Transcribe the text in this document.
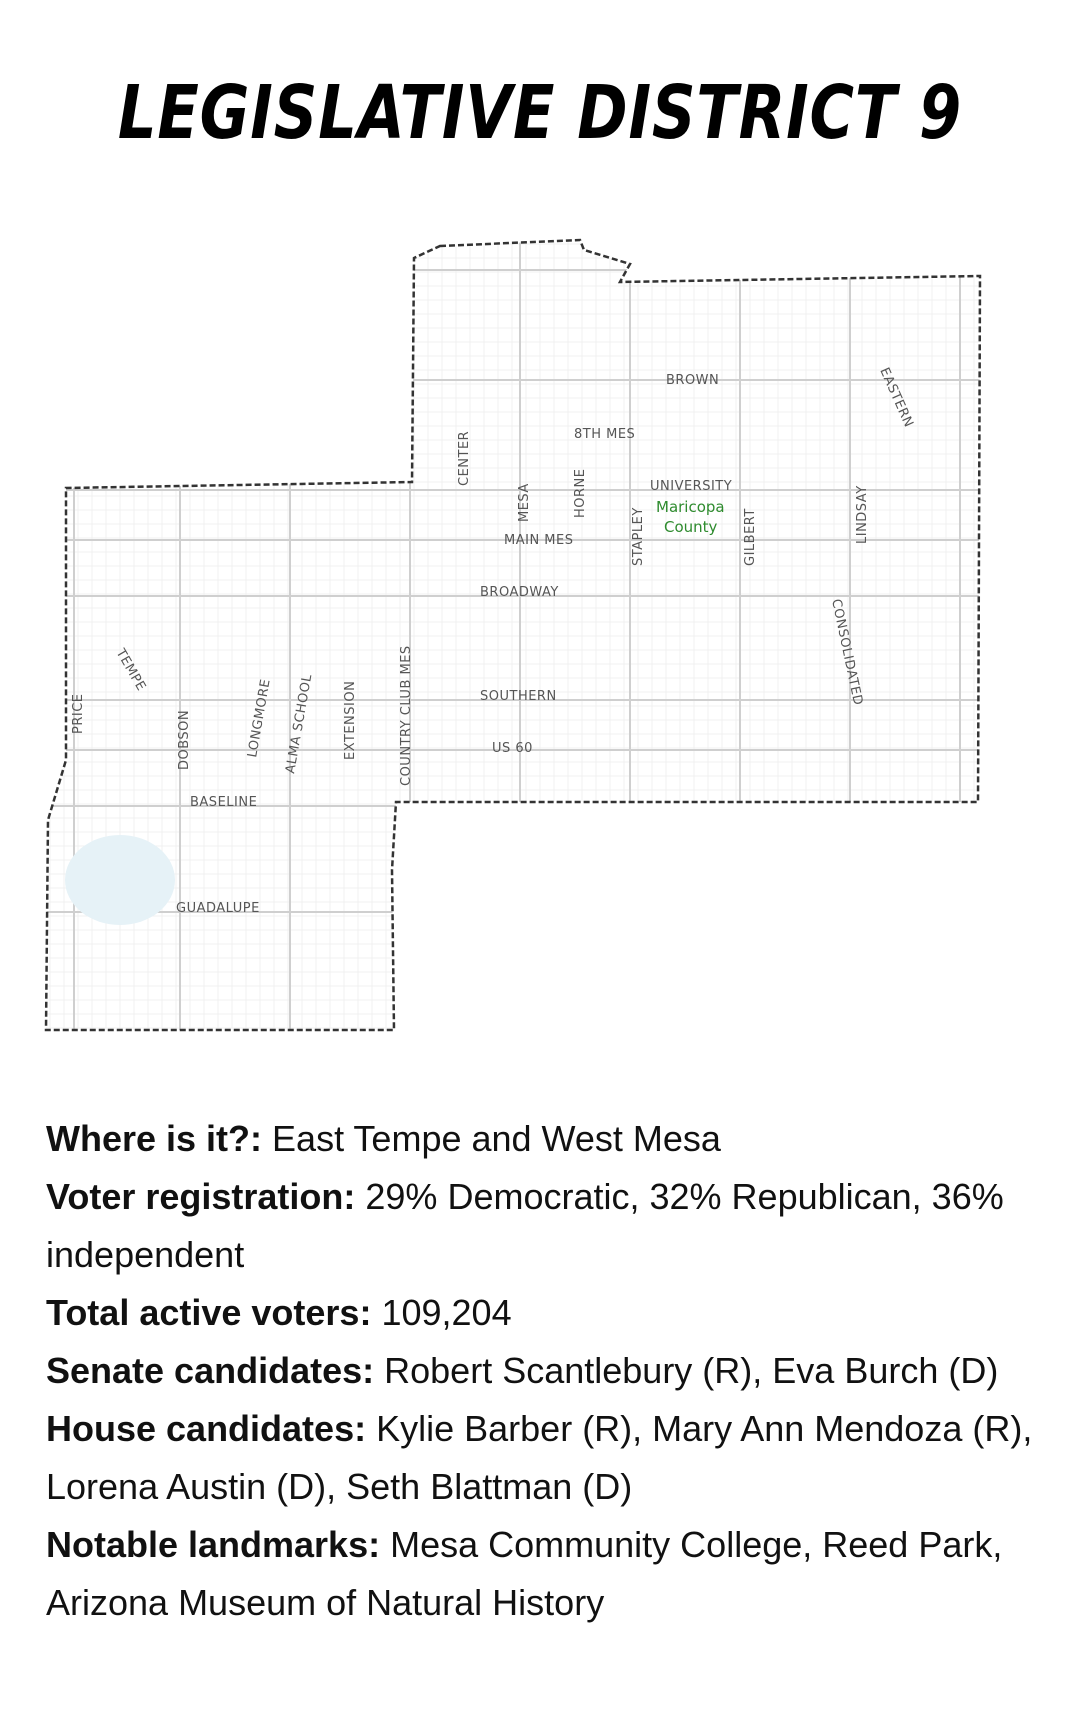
LEGISLATIVE DISTRICT 9
BROWN
8TH MES
EASTERN
UNIVERSITY
Maricopa
County
CENTER
MESA	HORNE
STAPLEY	GILBERT	LINDSAY
MAIN MES
BROADWAY
CONSOLIDATED
TEMPE
PRICE	DOBSON	LONGMORE ALMA SCHOOL EXTENSION	COUNTRY CLUB MES	SOUTHERN
US 60
BASELINE
GUADALUPE

Where is it?: East Tempe and West Mesa

Voter registration: 29% Democratic, 32% Republican, 36% independent

Total active voters: 109,204

Senate candidates: Robert Scantlebury (R), Eva Burch (D)

House candidates: Kylie Barber (R), Mary Ann Mendoza (R), Lorena Austin (D), Seth Blattman (D)

Notable landmarks: Mesa Community College, Reed Park, Arizona Museum of Natural History
